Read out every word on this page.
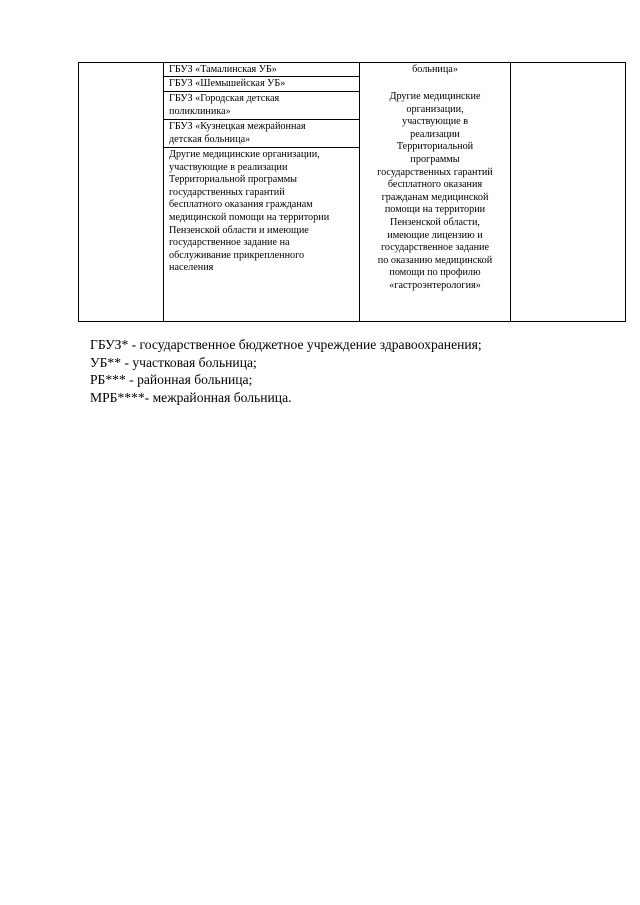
ГБУЗ «Тамалинская УБ»
ГБУЗ «Шемышейская УБ»
ГБУЗ «Городская детская
поликлиника»
ГБУЗ «Кузнецкая межрайонная
детская больница»
Другие медицинские организации,
участвующие в реализации
Территориальной программы
государственных гарантий
бесплатного оказания гражданам
медицинской помощи на территории
Пензенской области и имеющие
государственное задание на
обслуживание прикрепленного
населения

больница»

Другие медицинские
организации,
участвующие в
реализации
Территориальной
программы
государственных гарантий
бесплатного оказания
гражданам медицинской
помощи на территории
Пензенской области,
имеющие лицензию и
государственное задание
по оказанию медицинской
помощи по профилю
«гастроэнтерология»

ГБУЗ* - государственное бюджетное учреждение здравоохранения;
УБ** - участковая больница;
РБ*** - районная больница;
МРБ****- межрайонная больница.
